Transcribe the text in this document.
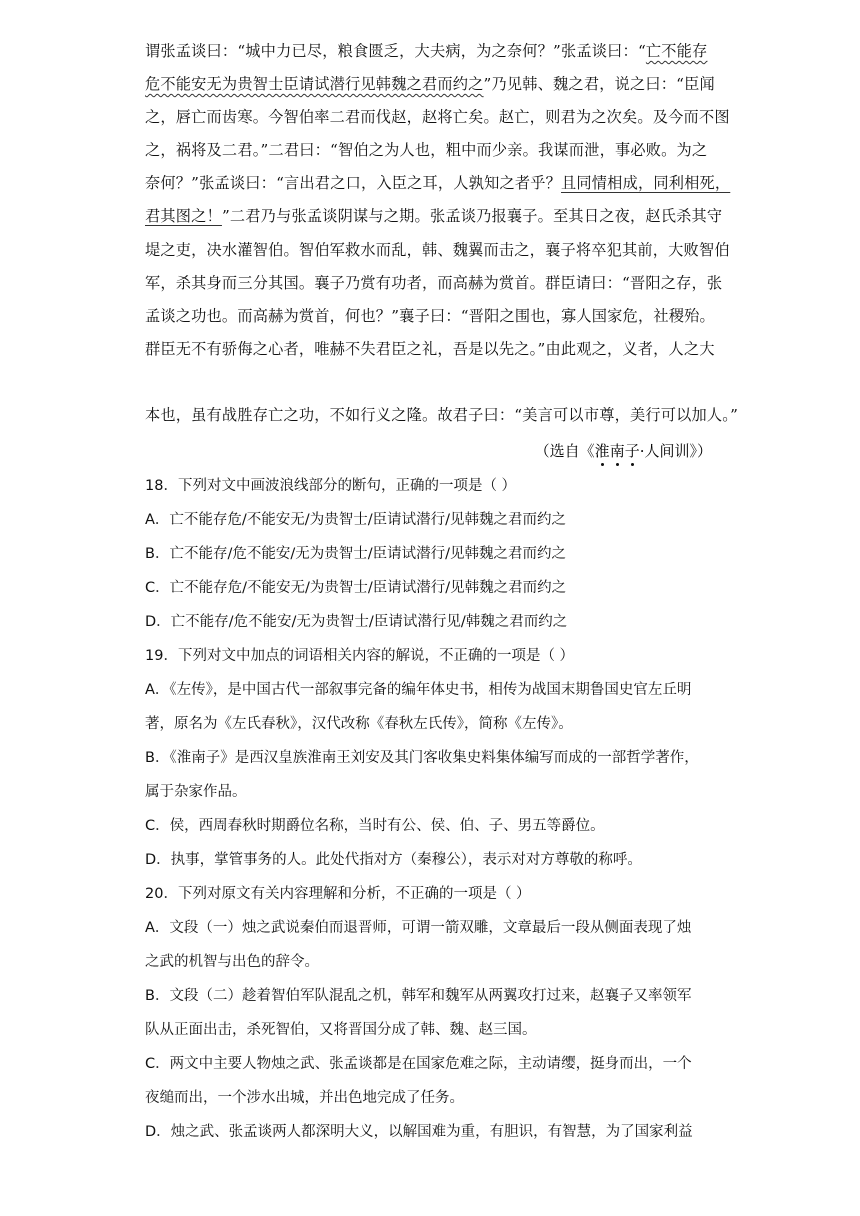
谓张孟谈曰：“城中力已尽，粮食匮乏，大夫病，为之奈何？”张孟谈曰：“亡不能存
危不能安无为贵智士臣请试潜行见韩魏之君而约之”乃见韩、魏之君，说之曰：“臣闻
之，唇亡而齿寒。今智伯率二君而伐赵，赵将亡矣。赵亡，则君为之次矣。及今而不图
之，祸将及二君。”二君曰：“智伯之为人也，粗中而少亲。我谋而泄，事必败。为之
奈何？”张孟谈曰：“言出君之口，入臣之耳，人孰知之者乎？且同情相成，同利相死，
君其图之！”二君乃与张孟谈阴谋与之期。张孟谈乃报襄子。至其日之夜，赵氏杀其守
堤之吏，决水灌智伯。智伯军救水而乱，韩、魏翼而击之，襄子将卒犯其前，大败智伯
军，杀其身而三分其国。襄子乃赏有功者，而高赫为赏首。群臣请曰：“晋阳之存，张
孟谈之功也。而高赫为赏首，何也？”襄子曰：“晋阳之围也，寡人国家危，社稷殆。
群臣无不有骄侮之心者，唯赫不失君臣之礼，吾是以先之。”由此观之，义者，人之大
本也，虽有战胜存亡之功，不如行义之隆。故君子曰：“美言可以市尊，美行可以加人。”
（选自《淮南子·人间训》）
18．下列对文中画波浪线部分的断句，正确的一项是（ ）
A．亡不能存危/不能安无/为贵智士/臣请试潜行/见韩魏之君而约之
B．亡不能存/危不能安/无为贵智士/臣请试潜行/见韩魏之君而约之
C．亡不能存危/不能安无/为贵智士/臣请试潜行/见韩魏之君而约之
D．亡不能存/危不能安/无为贵智士/臣请试潜行见/韩魏之君而约之
19．下列对文中加点的词语相关内容的解说，不正确的一项是（ ）
A．《左传》，是中国古代一部叙事完备的编年体史书，相传为战国末期鲁国史官左丘明
著，原名为《左氏春秋》，汉代改称《春秋左氏传》，简称《左传》。
B．《淮南子》是西汉皇族淮南王刘安及其门客收集史料集体编写而成的一部哲学著作，
属于杂家作品。
C．侯，西周春秋时期爵位名称，当时有公、侯、伯、子、男五等爵位。
D．执事，掌管事务的人。此处代指对方（秦穆公），表示对对方尊敬的称呼。
20．下列对原文有关内容理解和分析，不正确的一项是（ ）
A．文段（一）烛之武说秦伯而退晋师，可谓一箭双雕，文章最后一段从侧面表现了烛
之武的机智与出色的辞令。
B．文段（二）趁着智伯军队混乱之机，韩军和魏军从两翼攻打过来，赵襄子又率领军
队从正面出击，杀死智伯，又将晋国分成了韩、魏、赵三国。
C．两文中主要人物烛之武、张孟谈都是在国家危难之际，主动请缨，挺身而出，一个
夜缒而出，一个涉水出城，并出色地完成了任务。
D．烛之武、张孟谈两人都深明大义，以解国难为重，有胆识，有智慧，为了国家利益
